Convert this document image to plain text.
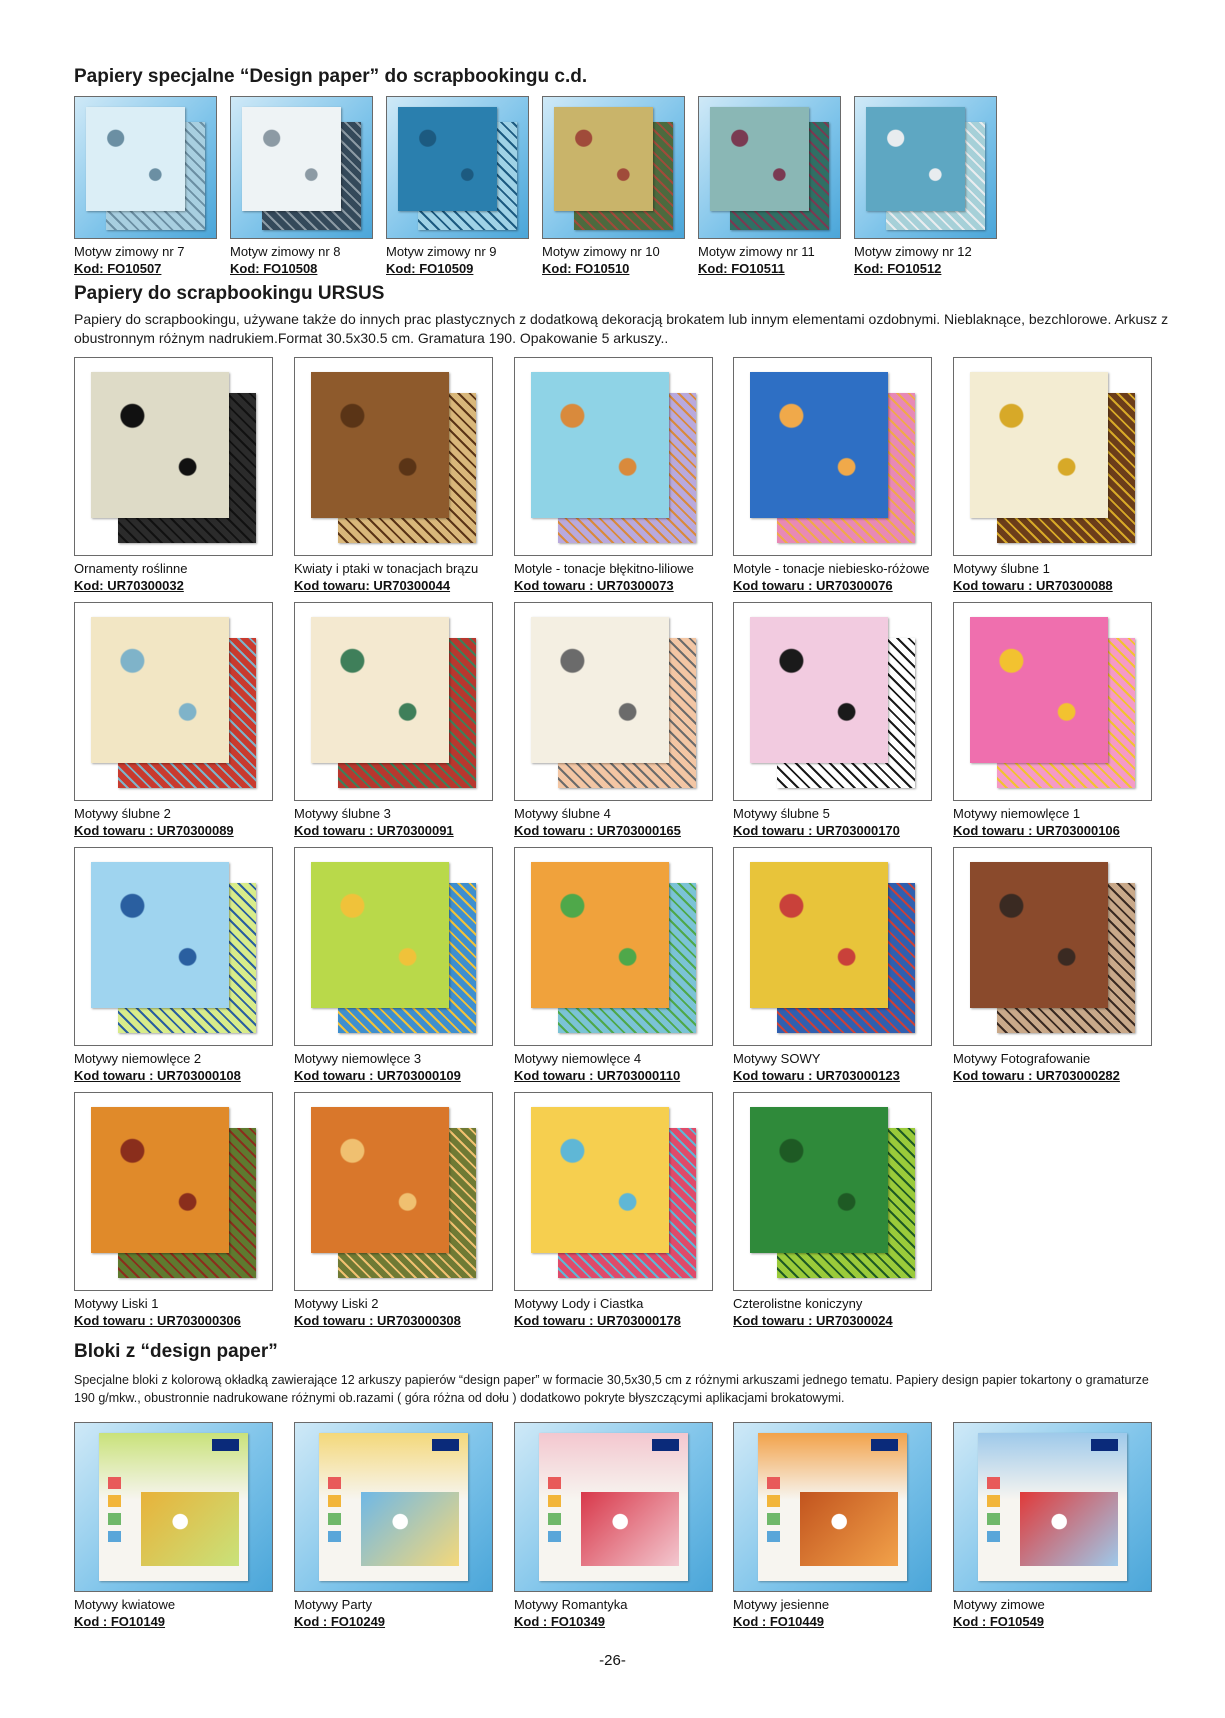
Papiery specjalne “Design paper” do scrapbookingu c.d.
Motyw zimowy nr 7
Kod: FO10507
Motyw zimowy nr 8
Kod: FO10508
Motyw zimowy nr 9
Kod: FO10509
Motyw zimowy nr 10
Kod: FO10510
Motyw zimowy nr 11
Kod: FO10511
Motyw zimowy nr 12
Kod: FO10512
Papiery do scrapbookingu URSUS

Papiery do scrapbookingu, używane także do innych prac plastycznych z dodatkową dekoracją brokatem lub innym elementami ozdobnymi. Nieblaknące, bezchlorowe. Arkusz z obustronnym różnym nadrukiem.Format 30.5x30.5 cm. Gramatura 190. Opakowanie 5 arkuszy..

Ornamenty roślinne
Kod: UR70300032
Kwiaty i ptaki w tonacjach brązu
Kod towaru: UR70300044
Motyle - tonacje błękitno-liliowe
Kod towaru : UR70300073
Motyle - tonacje niebiesko-różowe
Kod towaru : UR70300076
Motywy ślubne 1
Kod towaru : UR70300088
Motywy ślubne 2
Kod towaru : UR70300089
Motywy ślubne 3
Kod towaru : UR70300091
Motywy ślubne 4
Kod towaru : UR703000165
Motywy ślubne 5
Kod towaru : UR703000170
Motywy niemowlęce 1
Kod towaru : UR703000106
Motywy niemowlęce 2
Kod towaru : UR703000108
Motywy niemowlęce 3
Kod towaru : UR703000109
Motywy niemowlęce 4
Kod towaru : UR703000110
Motywy SOWY
Kod towaru : UR703000123
Motywy Fotografowanie
Kod towaru : UR703000282
Motywy Liski 1
Kod towaru : UR703000306
Motywy Liski 2
Kod towaru : UR703000308
Motywy Lody i Ciastka
Kod towaru : UR703000178
Czterolistne koniczyny
Kod towaru : UR70300024
Bloki z “design paper”

Specjalne bloki z kolorową okładką zawierające 12 arkuszy papierów “design paper” w formacie 30,5x30,5 cm z różnymi arkuszami jednego tematu. Papiery design papier tokartony o gramaturze 190 g/mkw., obustronnie nadrukowane różnymi ob.razami ( góra różna od dołu ) dodatkowo pokryte błyszczącymi aplikacjami brokatowymi.

Motywy kwiatowe
Kod : FO10149
Motywy Party
Kod : FO10249
Motywy Romantyka
Kod : FO10349
Motywy jesienne
Kod : FO10449
Motywy zimowe
Kod : FO10549
-26-
